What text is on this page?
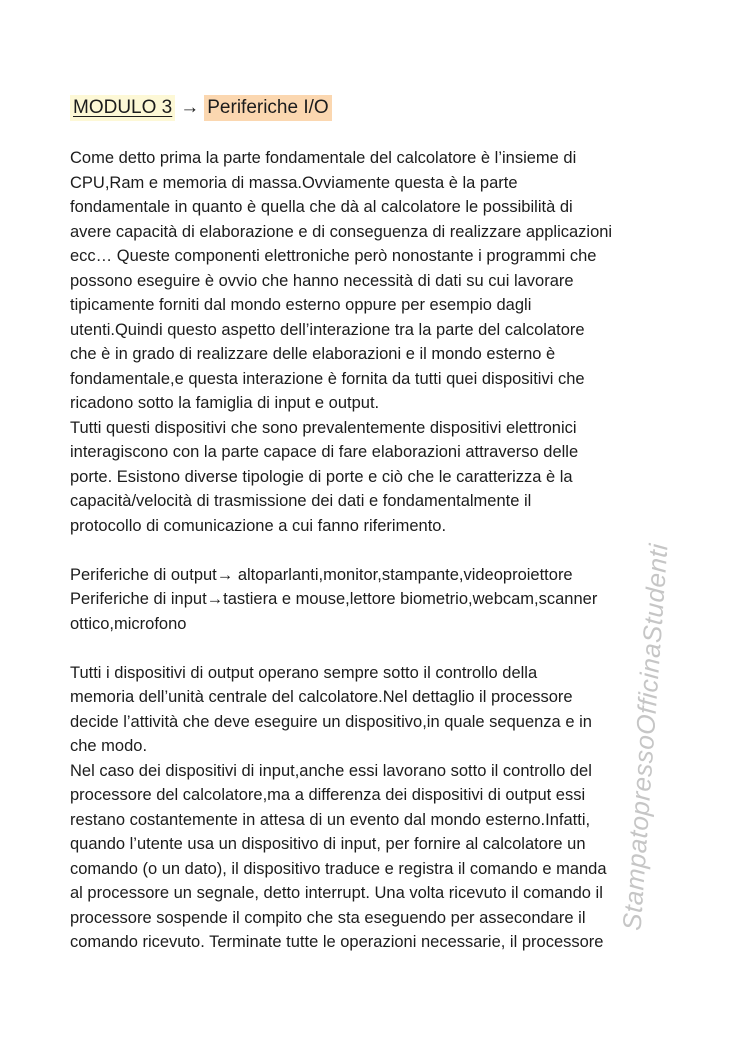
StampatopressoOfficinaStudenti
MODULO 3 → Periferiche I/O

Come detto prima la parte fondamentale del calcolatore è l’insieme di
CPU,Ram e memoria di massa.Ovviamente questa è la parte
fondamentale in quanto è quella che dà al calcolatore le possibilità di
avere capacità di elaborazione e di conseguenza di realizzare applicazioni
ecc… Queste componenti elettroniche però nonostante i programmi che
possono eseguire è ovvio che hanno necessità di dati su cui lavorare
tipicamente forniti dal mondo esterno oppure per esempio dagli
utenti.Quindi questo aspetto dell’interazione tra la parte del calcolatore
che è in grado di realizzare delle elaborazioni e il mondo esterno è
fondamentale,e questa interazione è fornita da tutti quei dispositivi che
ricadono sotto la famiglia di input e output.
Tutti questi dispositivi che sono prevalentemente dispositivi elettronici
interagiscono con la parte capace di fare elaborazioni attraverso delle
porte. Esistono diverse tipologie di porte e ciò che le caratterizza è la
capacità/velocità di trasmissione dei dati e fondamentalmente il
protocollo di comunicazione a cui fanno riferimento.

Periferiche di output→ altoparlanti,monitor,stampante,videoproiettore
Periferiche di input→tastiera e mouse,lettore biometrio,webcam,scanner
ottico,microfono

Tutti i dispositivi di output operano sempre sotto il controllo della
memoria dell’unità centrale del calcolatore.Nel dettaglio il processore
decide l’attività che deve eseguire un dispositivo,in quale sequenza e in
che modo.
Nel caso dei dispositivi di input,anche essi lavorano sotto il controllo del
processore del calcolatore,ma a differenza dei dispositivi di output essi
restano costantemente in attesa di un evento dal mondo esterno.Infatti,
quando l’utente usa un dispositivo di input, per fornire al calcolatore un
comando (o un dato), il dispositivo traduce e registra il comando e manda
al processore un segnale, detto interrupt. Una volta ricevuto il comando il
processore sospende il compito che sta eseguendo per assecondare il
comando ricevuto. Terminate tutte le operazioni necessarie, il processore
